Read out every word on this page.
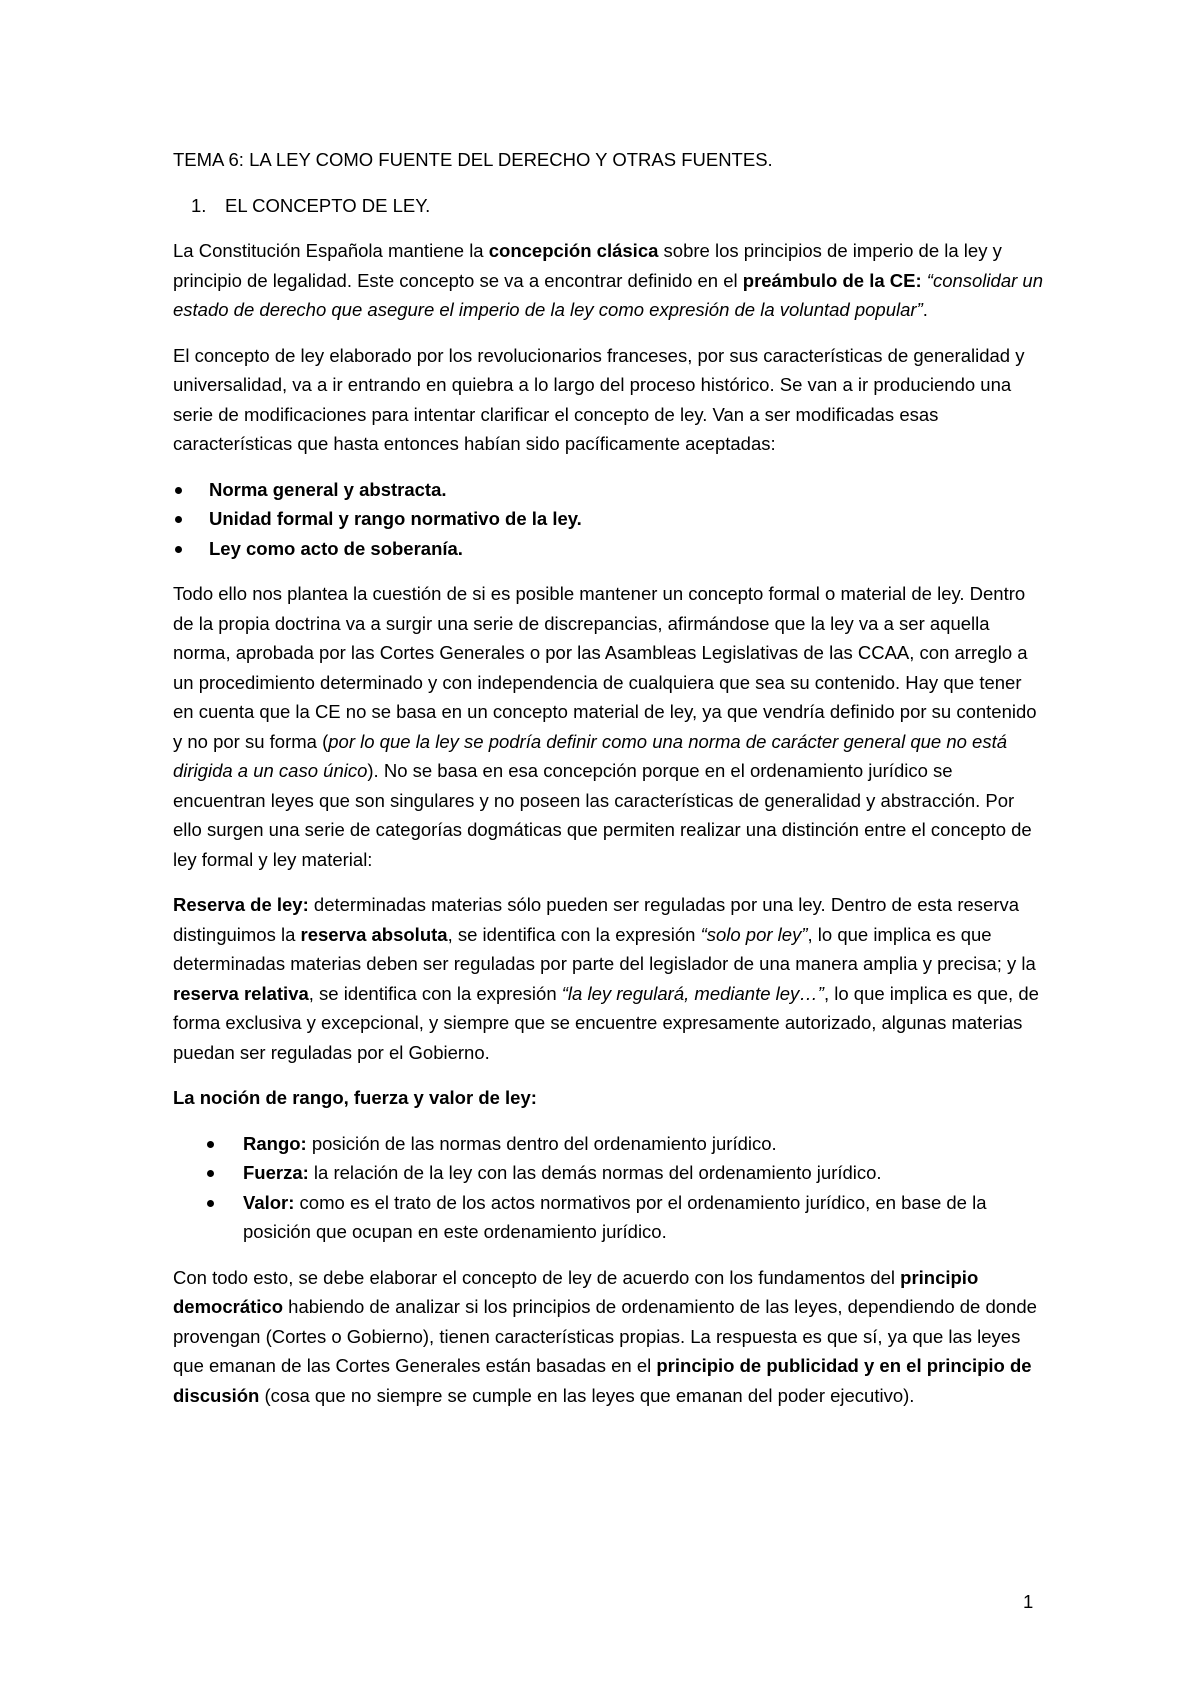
TEMA 6: LA LEY COMO FUENTE DEL DERECHO Y OTRAS FUENTES.

1. EL CONCEPTO DE LEY.

La Constitución Española mantiene la concepción clásica sobre los principios de imperio de la ley y principio de legalidad. Este concepto se va a encontrar definido en el preámbulo de la CE: “consolidar un estado de derecho que asegure el imperio de la ley como expresión de la voluntad popular”.

El concepto de ley elaborado por los revolucionarios franceses, por sus características de generalidad y universalidad, va a ir entrando en quiebra a lo largo del proceso histórico. Se van a ir produciendo una serie de modificaciones para intentar clarificar el concepto de ley. Van a ser modificadas esas características que hasta entonces habían sido pacíficamente aceptadas:

Norma general y abstracta.
Unidad formal y rango normativo de la ley.
Ley como acto de soberanía.

Todo ello nos plantea la cuestión de si es posible mantener un concepto formal o material de ley. Dentro de la propia doctrina va a surgir una serie de discrepancias, afirmándose que la ley va a ser aquella norma, aprobada por las Cortes Generales o por las Asambleas Legislativas de las CCAA, con arreglo a un procedimiento determinado y con independencia de cualquiera que sea su contenido. Hay que tener en cuenta que la CE no se basa en un concepto material de ley, ya que vendría definido por su contenido y no por su forma (por lo que la ley se podría definir como una norma de carácter general que no está dirigida a un caso único). No se basa en esa concepción porque en el ordenamiento jurídico se encuentran leyes que son singulares y no poseen las características de generalidad y abstracción. Por ello surgen una serie de categorías dogmáticas que permiten realizar una distinción entre el concepto de ley formal y ley material:

Reserva de ley: determinadas materias sólo pueden ser reguladas por una ley. Dentro de esta reserva distinguimos la reserva absoluta, se identifica con la expresión “solo por ley”, lo que implica es que determinadas materias deben ser reguladas por parte del legislador de una manera amplia y precisa; y la reserva relativa, se identifica con la expresión “la ley regulará, mediante ley…”, lo que implica es que, de forma exclusiva y excepcional, y siempre que se encuentre expresamente autorizado, algunas materias puedan ser reguladas por el Gobierno.

La noción de rango, fuerza y valor de ley:

Rango: posición de las normas dentro del ordenamiento jurídico.
Fuerza: la relación de la ley con las demás normas del ordenamiento jurídico.
Valor: como es el trato de los actos normativos por el ordenamiento jurídico, en base de la posición que ocupan en este ordenamiento jurídico.

Con todo esto, se debe elaborar el concepto de ley de acuerdo con los fundamentos del principio democrático habiendo de analizar si los principios de ordenamiento de las leyes, dependiendo de donde provengan (Cortes o Gobierno), tienen características propias. La respuesta es que sí, ya que las leyes que emanan de las Cortes Generales están basadas en el principio de publicidad y en el principio de discusión (cosa que no siempre se cumple en las leyes que emanan del poder ejecutivo).

1
